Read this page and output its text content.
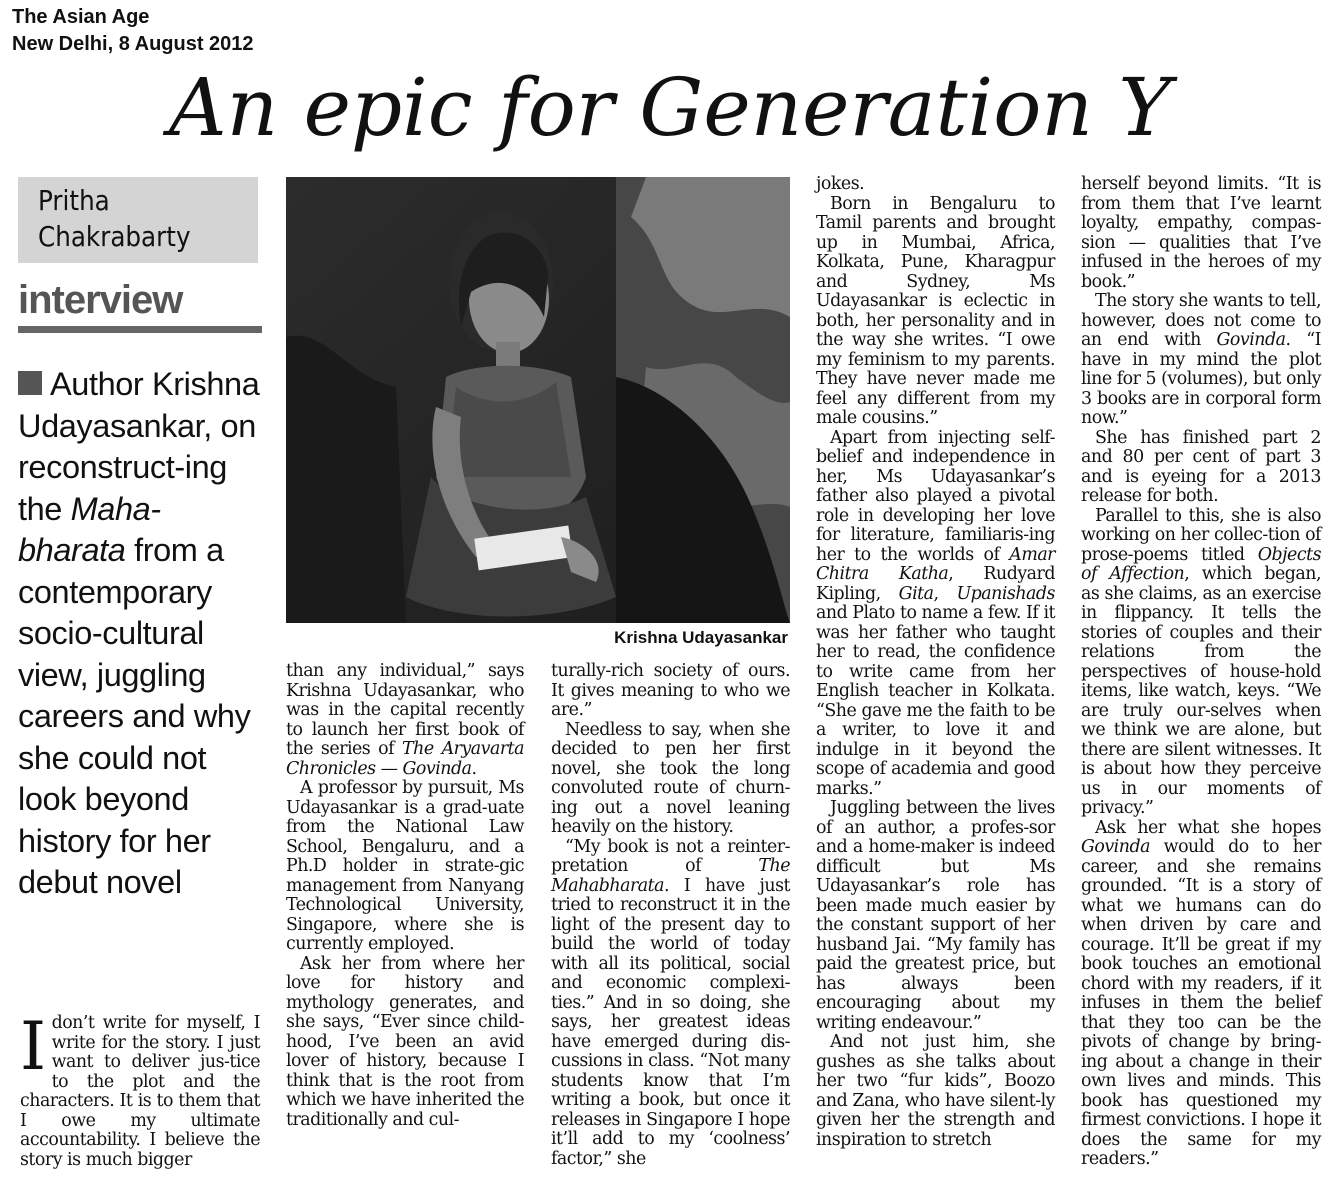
The Asian Age
New Delhi, 8 August 2012
An epic for Generation Y
Pritha
Chakrabarty
interview

Author Krishna Udayasankar, on reconstruct-ing the Maha-bharata from a contemporary socio-cultural view, juggling careers and why she could not look beyond history for her debut novel

Krishna Udayasankar

Idon’t write for myself, I write for the story. I just want to deliver jus-tice to the plot and the characters. It is to them that I owe my ultimate accountability. I believe the story is much bigger

than any individual,” says Krishna Udayasankar, who was in the capital recently to launch her first book of the series of The Aryavarta Chronicles — Govinda.

A professor by pursuit, Ms Udayasankar is a grad-uate from the National Law School, Bengaluru, and a Ph.D holder in strate-gic management from Nanyang Technological University, Singapore, where she is currently employed.

Ask her from where her love for history and mythology generates, and she says, “Ever since child-hood, I’ve been an avid lover of history, because I think that is the root from which we have inherited the traditionally and cul-

turally-rich society of ours. It gives meaning to who we are.”

Needless to say, when she decided to pen her first novel, she took the long convoluted route of churn-ing out a novel leaning heavily on the history.

“My book is not a reinter-pretation of The Mahabharata. I have just tried to reconstruct it in the light of the present day to build the world of today with all its political, social and economic complexi-ties.” And in so doing, she says, her greatest ideas have emerged during dis-cussions in class. “Not many students know that I’m writing a book, but once it releases in Singapore I hope it’ll add to my ‘coolness’ factor,” she

jokes.

Born in Bengaluru to Tamil parents and brought up in Mumbai, Africa, Kolkata, Pune, Kharagpur and Sydney, Ms Udayasankar is eclectic in both, her personality and in the way she writes. “I owe my feminism to my parents. They have never made me feel any different from my male cousins.”

Apart from injecting self-belief and independence in her, Ms Udayasankar’s father also played a pivotal role in developing her love for literature, familiaris-ing her to the worlds of Amar Chitra Katha, Rudyard Kipling, Gita, Upanishads and Plato to name a few. If it was her father who taught her to read, the confidence to write came from her English teacher in Kolkata. “She gave me the faith to be a writer, to love it and indulge in it beyond the scope of academia and good marks.”

Juggling between the lives of an author, a profes-sor and a home-maker is indeed difficult but Ms Udayasankar’s role has been made much easier by the constant support of her husband Jai. “My family has paid the greatest price, but has always been encouraging about my writing endeavour.”

And not just him, she gushes as she talks about her two “fur kids”, Boozo and Zana, who have silent-ly given her the strength and inspiration to stretch

herself beyond limits. “It is from them that I’ve learnt loyalty, empathy, compas-sion — qualities that I’ve infused in the heroes of my book.”

The story she wants to tell, however, does not come to an end with Govinda. “I have in my mind the plot line for 5 (volumes), but only 3 books are in corporal form now.”

She has finished part 2 and 80 per cent of part 3 and is eyeing for a 2013 release for both.

Parallel to this, she is also working on her collec-tion of prose-poems titled Objects of Affection, which began, as she claims, as an exercise in flippancy. It tells the stories of couples and their relations from the perspectives of house-hold items, like watch, keys. “We are truly our-selves when we think we are alone, but there are silent witnesses. It is about how they perceive us in our moments of privacy.”

Ask her what she hopes Govinda would do to her career, and she remains grounded. “It is a story of what we humans can do when driven by care and courage. It’ll be great if my book touches an emotional chord with my readers, if it infuses in them the belief that they too can be the pivots of change by bring-ing about a change in their own lives and minds. This book has questioned my firmest convictions. I hope it does the same for my readers.”
